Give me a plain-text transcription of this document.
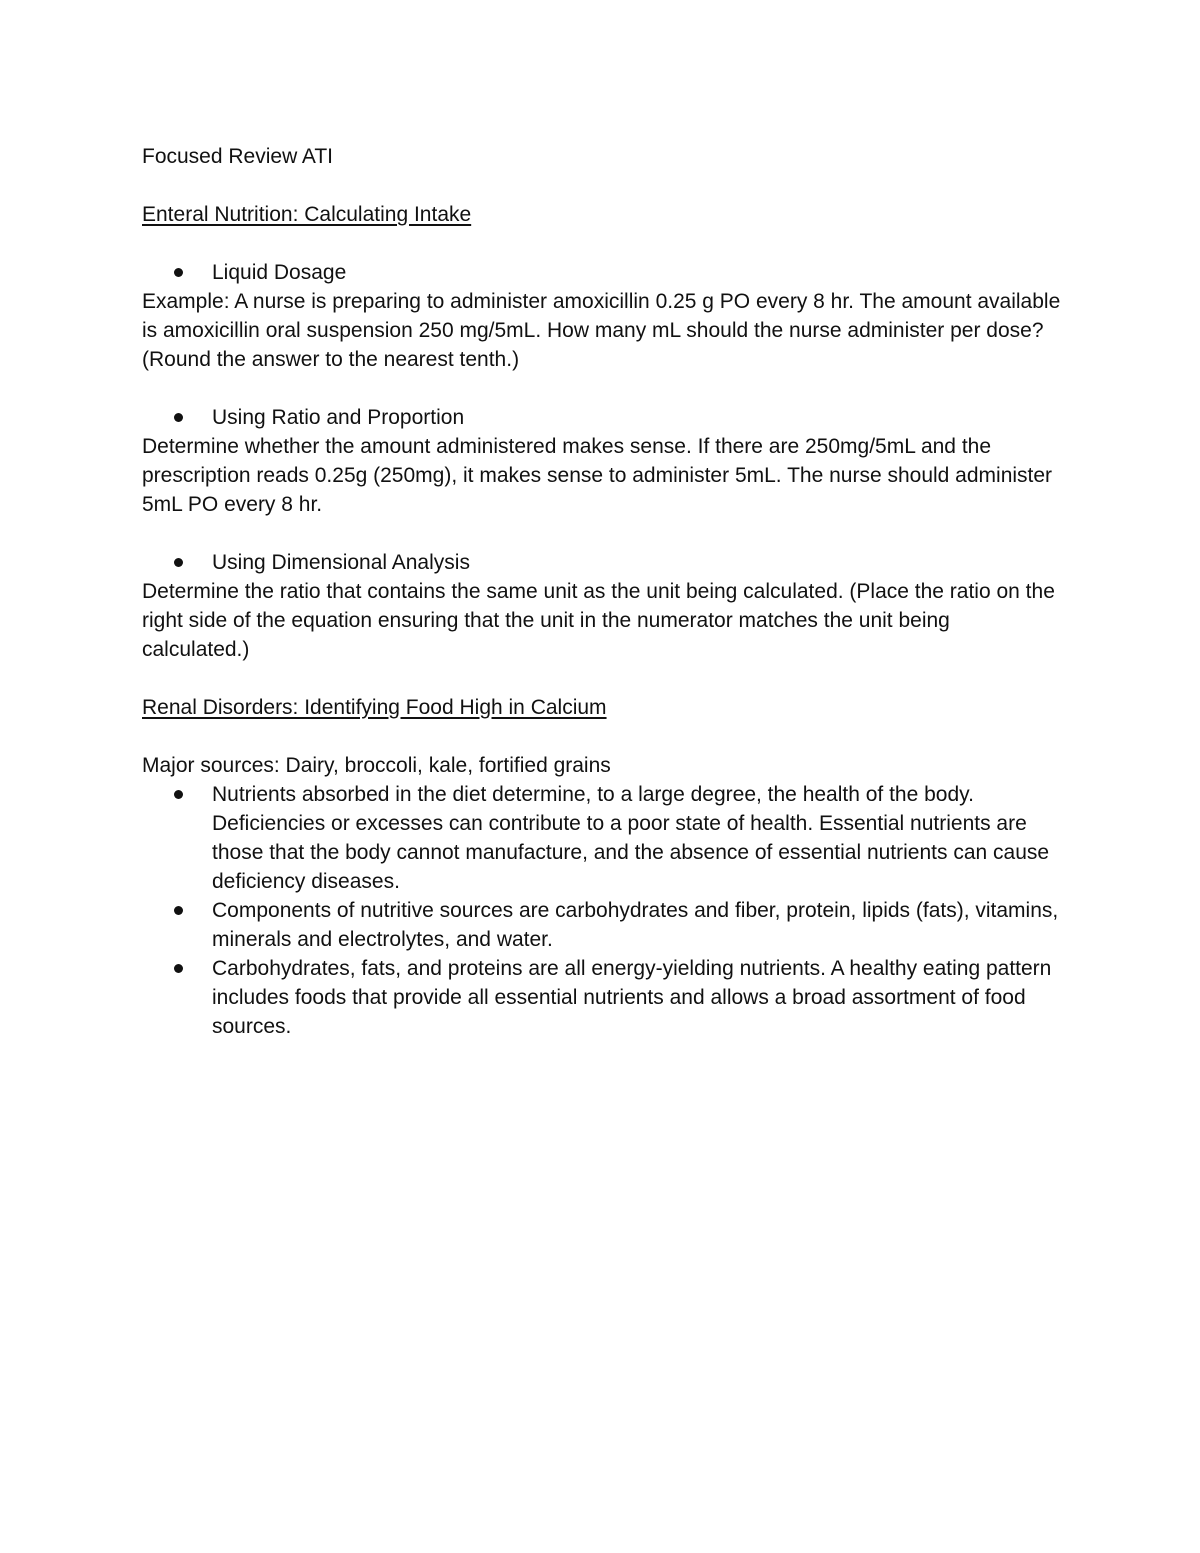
Focused Review ATI

Enteral Nutrition: Calculating Intake

Liquid Dosage

Example: A nurse is preparing to administer amoxicillin 0.25 g PO every 8 hr. The amount available is amoxicillin oral suspension 250 mg/5mL. How many mL should the nurse administer per dose? (Round the answer to the nearest tenth.)

Using Ratio and Proportion

Determine whether the amount administered makes sense. If there are 250mg/5mL and the prescription reads 0.25g (250mg), it makes sense to administer 5mL. The nurse should administer 5mL PO every 8 hr.

Using Dimensional Analysis

Determine the ratio that contains the same unit as the unit being calculated. (Place the ratio on the right side of the equation ensuring that the unit in the numerator matches the unit being calculated.)

Renal Disorders: Identifying Food High in Calcium

Major sources: Dairy, broccoli, kale, fortified grains

Nutrients absorbed in the diet determine, to a large degree, the health of the body. Deficiencies or excesses can contribute to a poor state of health. Essential nutrients are those that the body cannot manufacture, and the absence of essential nutrients can cause deficiency diseases.
Components of nutritive sources are carbohydrates and fiber, protein, lipids (fats), vitamins, minerals and electrolytes, and water.
Carbohydrates, fats, and proteins are all energy-yielding nutrients. A healthy eating pattern includes foods that provide all essential nutrients and allows a broad assortment of food sources.
